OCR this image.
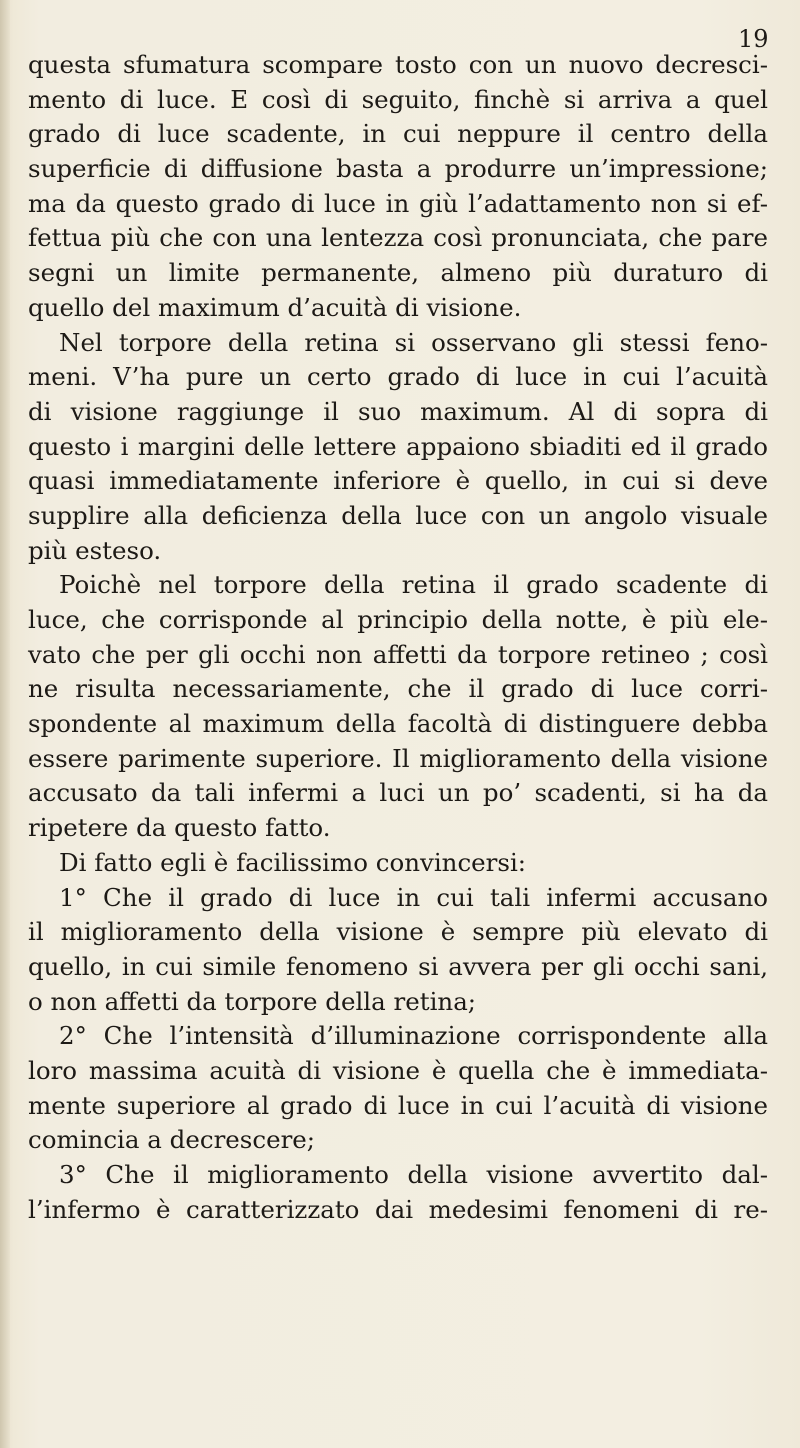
19
questa sfumatura scompare tosto con un nuovo decresci-
mento di luce. E così di seguito, finchè si arriva a quel
grado di luce scadente, in cui neppure il centro della
superficie di diffusione basta a produrre un’impressione;
ma da questo grado di luce in giù l’adattamento non si ef-
fettua più che con una lentezza così pronunciata, che pare
segni un limite permanente, almeno più duraturo di
quello del maximum d’acuità di visione.
Nel torpore della retina si osservano gli stessi feno-
meni. V’ha pure un certo grado di luce in cui l’acuità
di visione raggiunge il suo maximum. Al di sopra di
questo i margini delle lettere appaiono sbiaditi ed il grado
quasi immediatamente inferiore è quello, in cui si deve
supplire alla deficienza della luce con un angolo visuale
più esteso.
Poichè nel torpore della retina il grado scadente di
luce, che corrisponde al principio della notte, è più ele-
vato che per gli occhi non affetti da torpore retineo ; così
ne risulta necessariamente, che il grado di luce corri-
spondente al maximum della facoltà di distinguere debba
essere parimente superiore. Il miglioramento della visione
accusato da tali infermi a luci un po’ scadenti, si ha da
ripetere da questo fatto.
Di fatto egli è facilissimo convincersi:
1° Che il grado di luce in cui tali infermi accusano
il miglioramento della visione è sempre più elevato di
quello, in cui simile fenomeno si avvera per gli occhi sani,
o non affetti da torpore della retina;
2° Che l’intensità d’illuminazione corrispondente alla
loro massima acuità di visione è quella che è immediata-
mente superiore al grado di luce in cui l’acuità di visione
comincia a decrescere;
3° Che il miglioramento della visione avvertito dal-
l’infermo è caratterizzato dai medesimi fenomeni di re-
